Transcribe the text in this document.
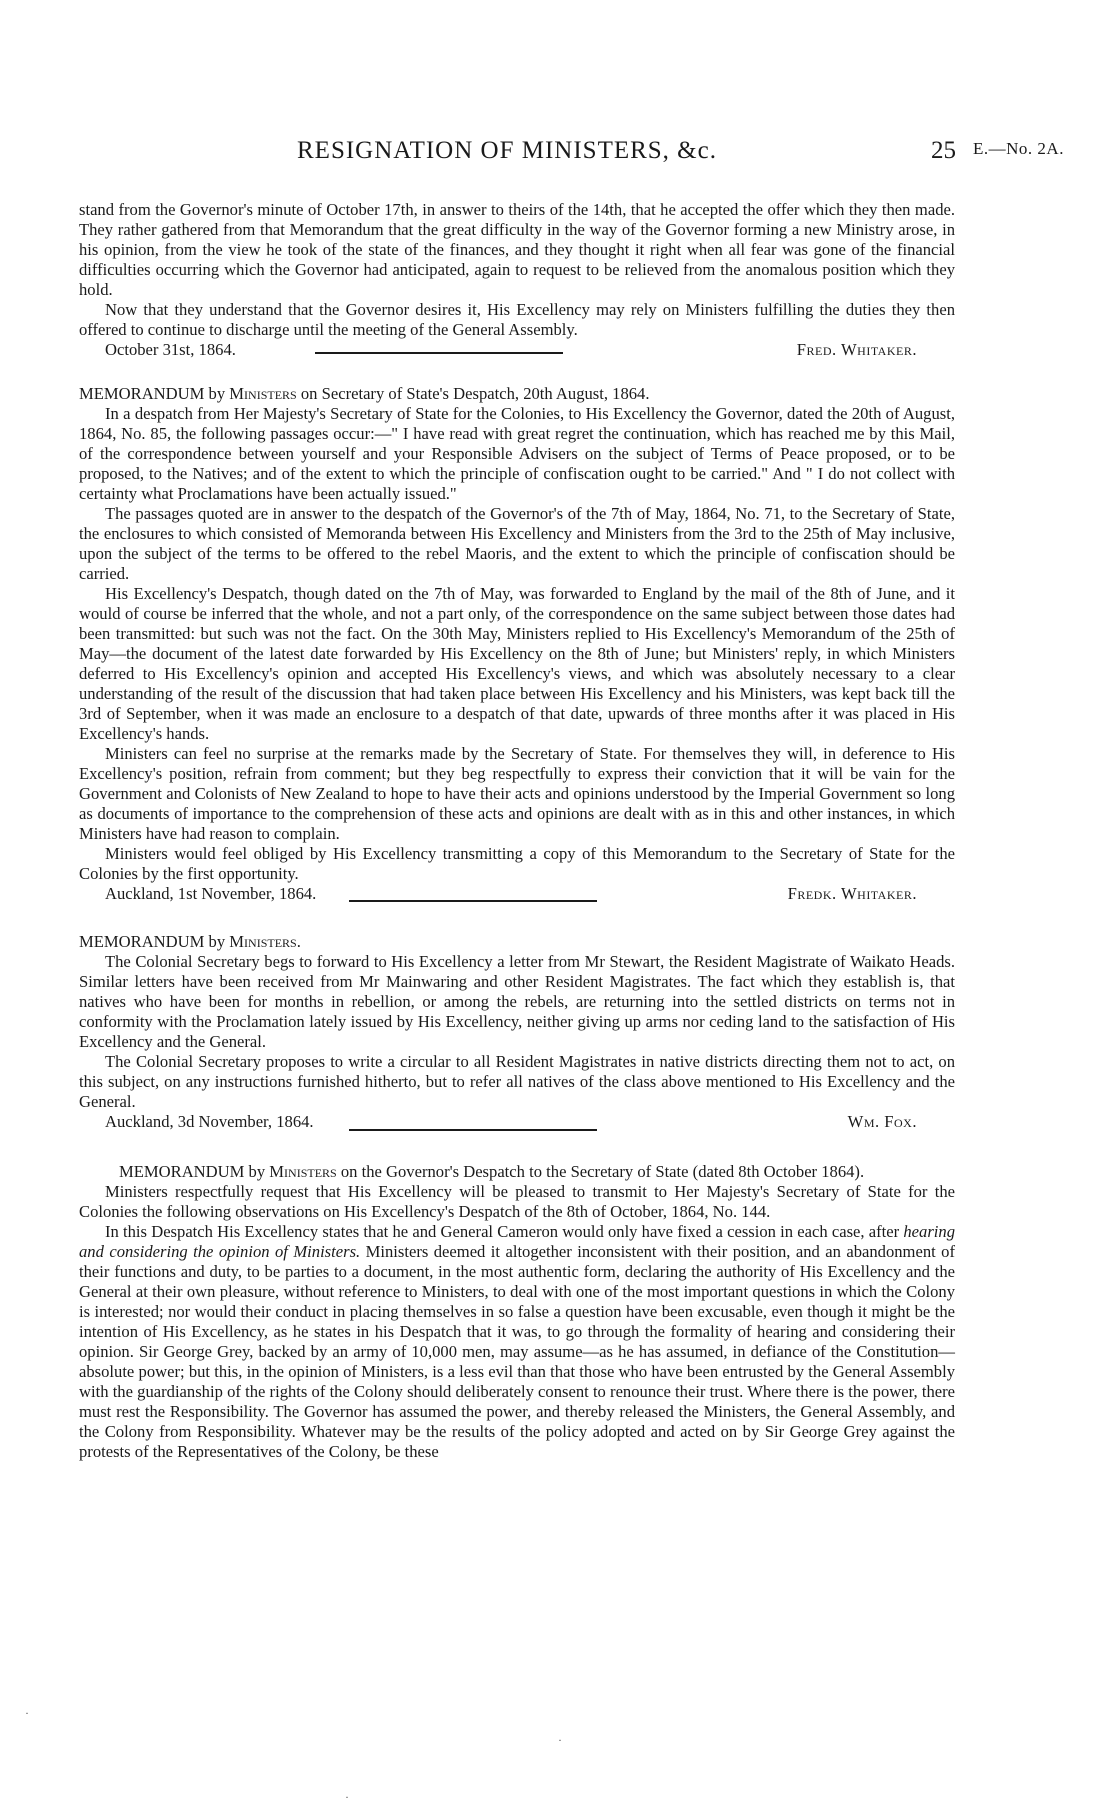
RESIGNATION OF MINISTERS, &c.	25 E.—No. 2A.

stand from the Governor's minute of October 17th, in answer to theirs of the 14th, that he accepted the offer which they then made. They rather gathered from that Memorandum that the great difficulty in the way of the Governor forming a new Ministry arose, in his opinion, from the view he took of the state of the finances, and they thought it right when all fear was gone of the financial difficulties occurring which the Governor had anticipated, again to request to be relieved from the anomalous position which they hold.

Now that they understand that the Governor desires it, His Excellency may rely on Ministers fulfilling the duties they then offered to continue to discharge until the meeting of the General Assembly.

October 31st, 1864.	Fred. Whitaker.

MEMORANDUM by Ministers on Secretary of State's Despatch, 20th August, 1864.

In a despatch from Her Majesty's Secretary of State for the Colonies, to His Excellency the Governor, dated the 20th of August, 1864, No. 85, the following passages occur:—" I have read with great regret the continuation, which has reached me by this Mail, of the correspondence between yourself and your Responsible Advisers on the subject of Terms of Peace proposed, or to be proposed, to the Natives; and of the extent to which the principle of confiscation ought to be carried." And " I do not collect with certainty what Proclamations have been actually issued."

The passages quoted are in answer to the despatch of the Governor's of the 7th of May, 1864, No. 71, to the Secretary of State, the enclosures to which consisted of Memoranda between His Excellency and Ministers from the 3rd to the 25th of May inclusive, upon the subject of the terms to be offered to the rebel Maoris, and the extent to which the principle of confiscation should be carried.

His Excellency's Despatch, though dated on the 7th of May, was forwarded to England by the mail of the 8th of June, and it would of course be inferred that the whole, and not a part only, of the correspondence on the same subject between those dates had been transmitted: but such was not the fact. On the 30th May, Ministers replied to His Excellency's Memorandum of the 25th of May—the document of the latest date forwarded by His Excellency on the 8th of June; but Ministers' reply, in which Ministers deferred to His Excellency's opinion and accepted His Excellency's views, and which was absolutely necessary to a clear understanding of the result of the discussion that had taken place between His Excellency and his Ministers, was kept back till the 3rd of September, when it was made an enclosure to a despatch of that date, upwards of three months after it was placed in His Excellency's hands.

Ministers can feel no surprise at the remarks made by the Secretary of State. For themselves they will, in deference to His Excellency's position, refrain from comment; but they beg respectfully to express their conviction that it will be vain for the Government and Colonists of New Zealand to hope to have their acts and opinions understood by the Imperial Government so long as documents of importance to the comprehension of these acts and opinions are dealt with as in this and other instances, in which Ministers have had reason to complain.

Ministers would feel obliged by His Excellency transmitting a copy of this Memorandum to the Secretary of State for the Colonies by the first opportunity.

Auckland, 1st November, 1864.	Fredk. Whitaker.

MEMORANDUM by Ministers.

The Colonial Secretary begs to forward to His Excellency a letter from Mr Stewart, the Resident Magistrate of Waikato Heads. Similar letters have been received from Mr Mainwaring and other Resident Magistrates. The fact which they establish is, that natives who have been for months in rebellion, or among the rebels, are returning into the settled districts on terms not in conformity with the Proclamation lately issued by His Excellency, neither giving up arms nor ceding land to the satisfaction of His Excellency and the General.

The Colonial Secretary proposes to write a circular to all Resident Magistrates in native districts directing them not to act, on this subject, on any instructions furnished hitherto, but to refer all natives of the class above mentioned to His Excellency and the General.

Auckland, 3d November, 1864.	Wm. Fox.

MEMORANDUM by Ministers on the Governor's Despatch to the Secretary of State (dated 8th October 1864).

Ministers respectfully request that His Excellency will be pleased to transmit to Her Majesty's Secretary of State for the Colonies the following observations on His Excellency's Despatch of the 8th of October, 1864, No. 144.

In this Despatch His Excellency states that he and General Cameron would only have fixed a cession in each case, after hearing and considering the opinion of Ministers. Ministers deemed it altogether inconsistent with their position, and an abandonment of their functions and duty, to be parties to a document, in the most authentic form, declaring the authority of His Excellency and the General at their own pleasure, without reference to Ministers, to deal with one of the most important questions in which the Colony is interested; nor would their conduct in placing themselves in so false a question have been excusable, even though it might be the intention of His Excellency, as he states in his Despatch that it was, to go through the formality of hearing and considering their opinion. Sir George Grey, backed by an army of 10,000 men, may assume—as he has assumed, in defiance of the Constitution—absolute power; but this, in the opinion of Ministers, is a less evil than that those who have been entrusted by the General Assembly with the guardianship of the rights of the Colony should deliberately consent to renounce their trust. Where there is the power, there must rest the Responsibility. The Governor has assumed the power, and thereby released the Ministers, the General Assembly, and the Colony from Responsibility. Whatever may be the results of the policy adopted and acted on by Sir George Grey against the protests of the Representatives of the Colony, be these

·
·
·
